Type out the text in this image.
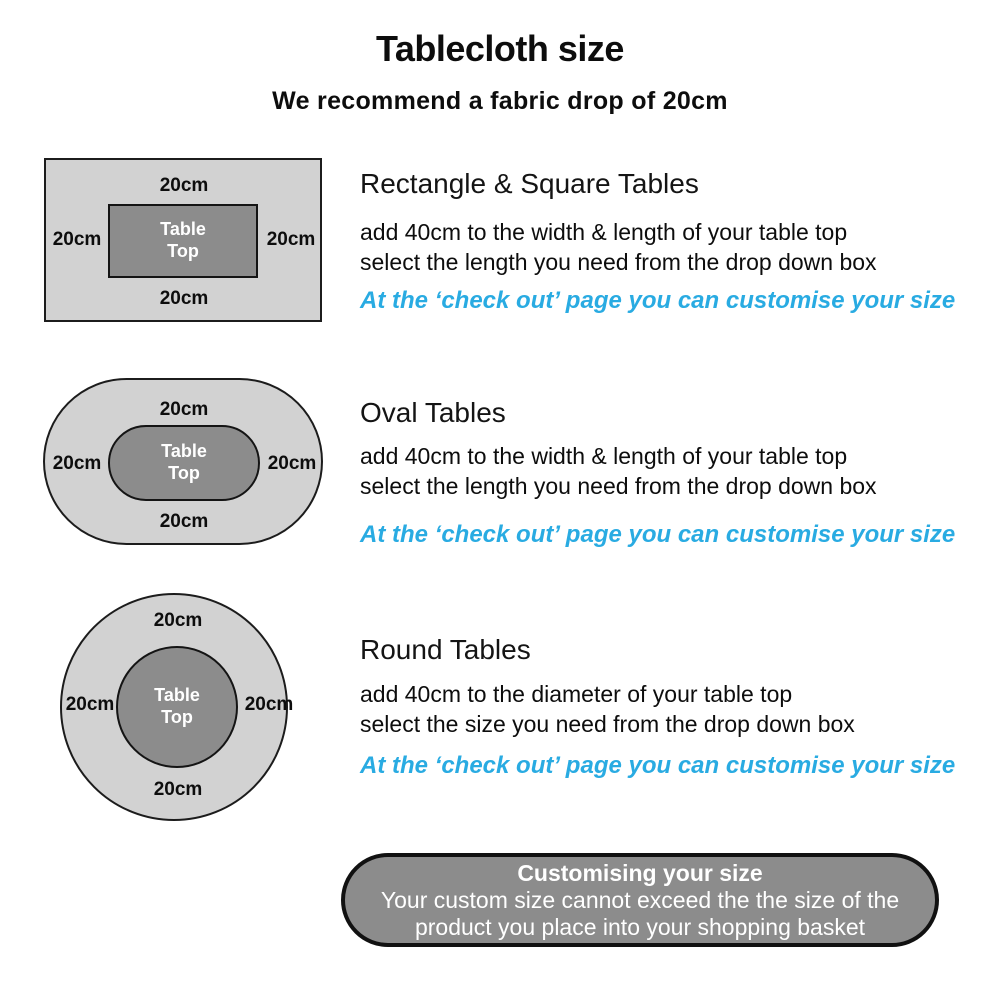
Tablecloth size
We recommend a fabric drop of 20cm
Table
Top
20cm
20cm
20cm	20cm
Rectangle & Square Tables
add 40cm to the width & length of your table top
select the length you need from the drop down box
At the ‘check out’ page you can customise your size
Table
Top
20cm
20cm
20cm	20cm
Oval Tables
add 40cm to the width & length of your table top
select the length you need from the drop down box
At the ‘check out’ page you can customise your size
Table
Top
20cm
20cm
20cm	20cm
Round Tables
add 40cm to the diameter of your table top
select the size you need from the drop down box
At the ‘check out’ page you can customise your size
Customising your size
Your custom size cannot exceed the the size of the
product you place into your shopping basket
